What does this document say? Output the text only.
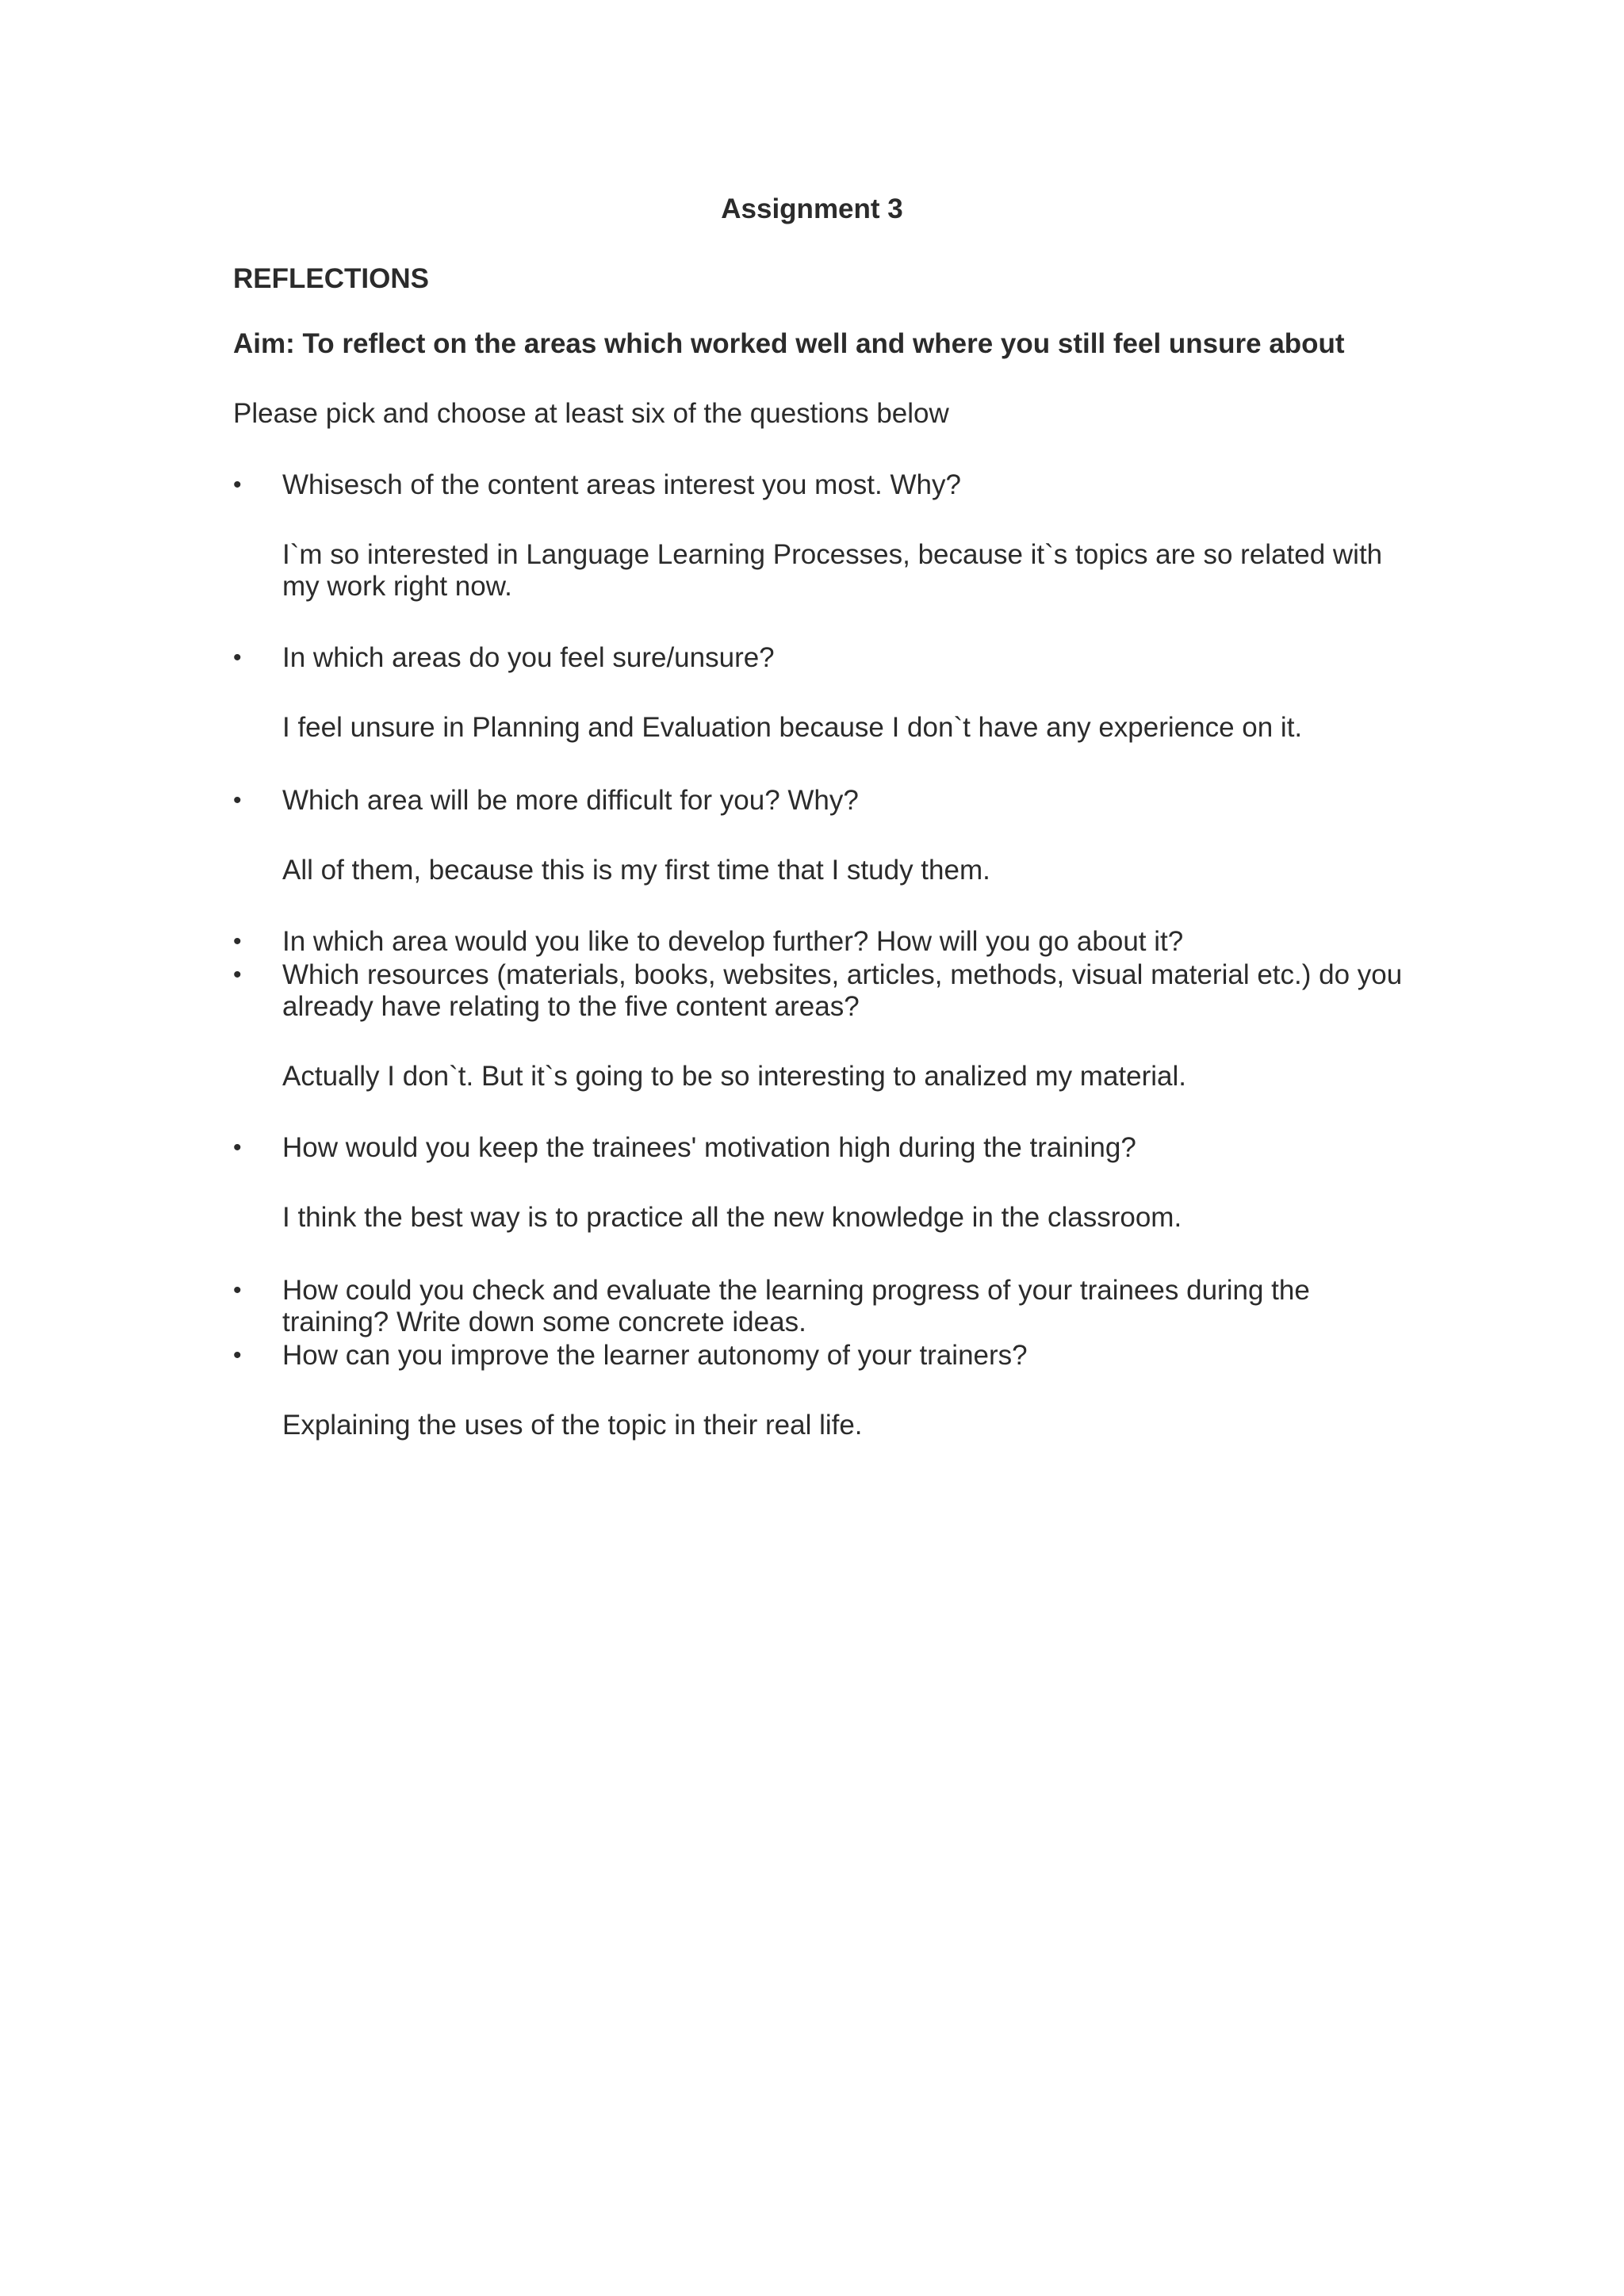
Assignment 3
REFLECTIONS
Aim: To reflect on the areas which worked well and where you still feel unsure about
Please pick and choose at least six of the questions below
• Whisesch of the content areas interest you most. Why?
I`m so interested in Language Learning Processes, because it`s topics are so related with
my work right now.
• In which areas do you feel sure/unsure?
I feel unsure in Planning and Evaluation because I don`t have any experience on it.
• Which area will be more difficult for you? Why?
All of them, because this is my first time that I study them.
• In which area would you like to develop further? How will you go about it?
• Which resources (materials, books, websites, articles, methods, visual material etc.) do you
already have relating to the five content areas?
Actually I don`t. But it`s going to be so interesting to analized my material.
• How would you keep the trainees' motivation high during the training?
I think the best way is to practice all the new knowledge in the classroom.
• How could you check and evaluate the learning progress of your trainees during the
training? Write down some concrete ideas.
• How can you improve the learner autonomy of your trainers?
Explaining the uses of the topic in their real life.
